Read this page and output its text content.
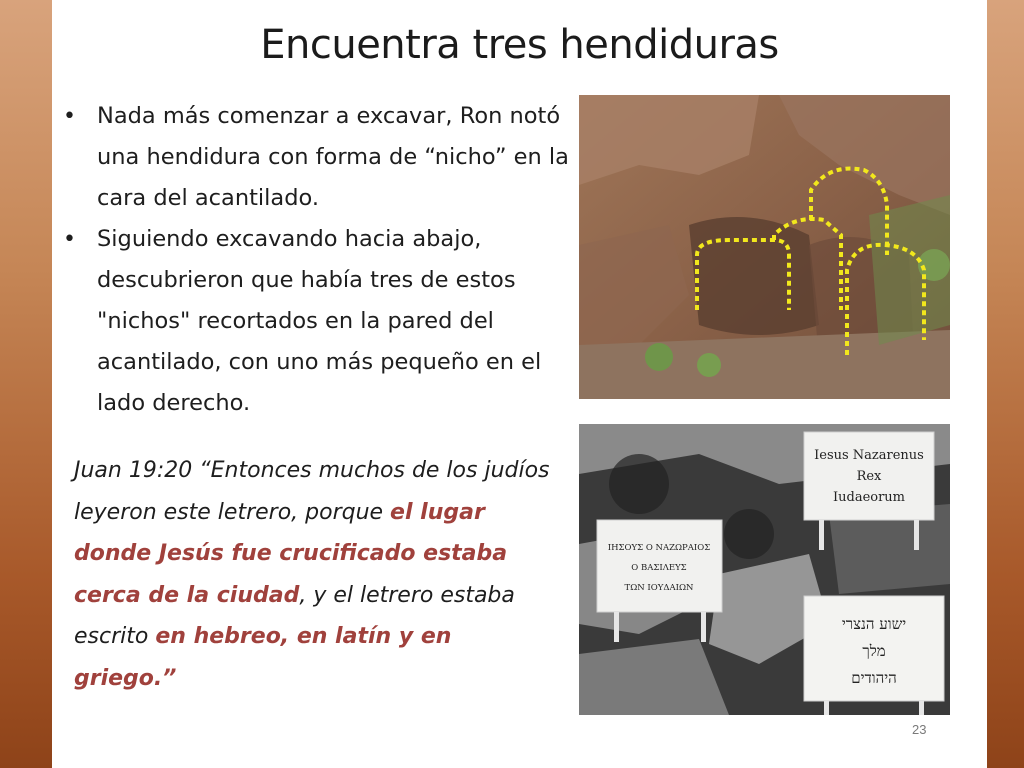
Encuentra tres hendiduras
• Nada más comenzar a excavar, Ron notó una hendidura con forma de “nicho” en la cara del acantilado.
• Siguiendo excavando hacia abajo, descubrieron que había tres de estos "nichos" recortados en la pared del acantilado, con uno más pequeño en el lado derecho.
Juan 19:20 “Entonces muchos de los judíos leyeron este letrero, porque el lugar donde Jesús fue crucificado estaba cerca de la ciudad, y el letrero estaba escrito en hebreo, en latín y en griego.”
Iesus Nazarenus
Rex
Iudaeorum
ΙΗΣΟΥΣ Ο ΝΑΖΩΡΑΙΟΣ
Ο ΒΑΣΙΛΕΥΣ
ΤΩΝ ΙΟΥΔΑΙΩΝ
ישוע הנצרי
מלך
היהודים
23
